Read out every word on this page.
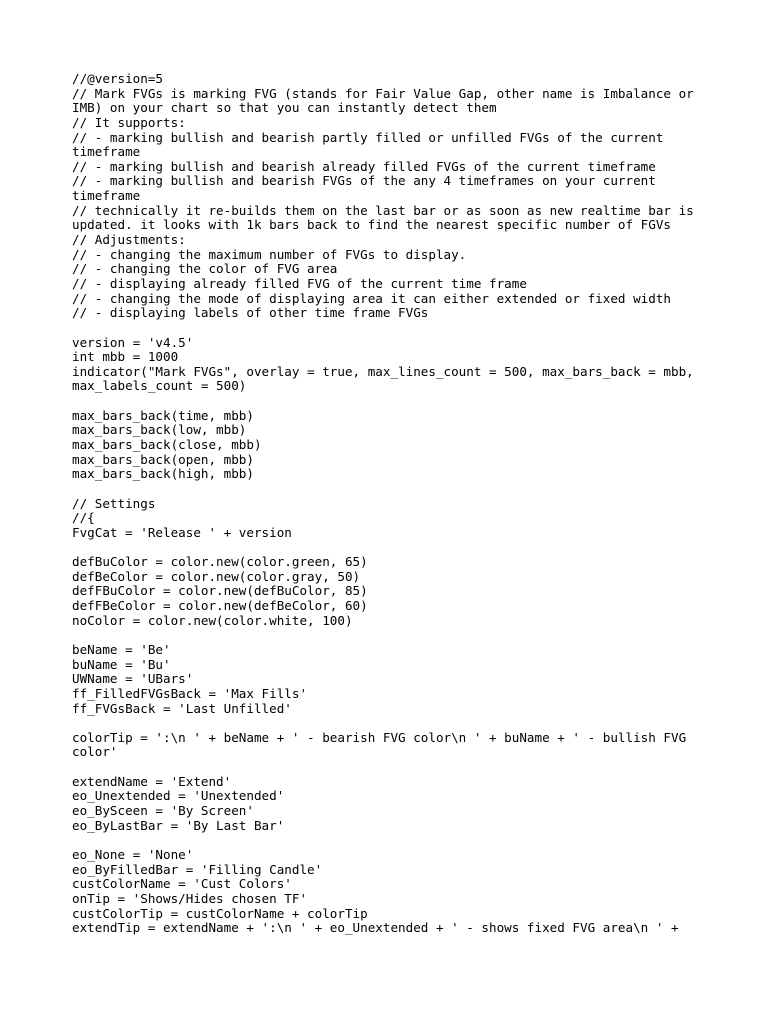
//@version=5
// Mark FVGs is marking FVG (stands for Fair Value Gap, other name is Imbalance or
IMB) on your chart so that you can instantly detect them
// It supports:
// - marking bullish and bearish partly filled or unfilled FVGs of the current
timeframe
// - marking bullish and bearish already filled FVGs of the current timeframe
// - marking bullish and bearish FVGs of the any 4 timeframes on your current
timeframe
// technically it re-builds them on the last bar or as soon as new realtime bar is
updated. it looks with 1k bars back to find the nearest specific number of FGVs
// Adjustments:
// - changing the maximum number of FVGs to display.
// - changing the color of FVG area
// - displaying already filled FVG of the current time frame
// - changing the mode of displaying area it can either extended or fixed width
// - displaying labels of other time frame FVGs
version = 'v4.5'
int mbb = 1000
indicator("Mark FVGs", overlay = true, max_lines_count = 500, max_bars_back = mbb,
max_labels_count = 500)
max_bars_back(time, mbb)
max_bars_back(low, mbb)
max_bars_back(close, mbb)
max_bars_back(open, mbb)
max_bars_back(high, mbb)
// Settings
//{
FvgCat = 'Release ' + version
defBuColor = color.new(color.green, 65)
defBeColor = color.new(color.gray, 50)
defFBuColor = color.new(defBuColor, 85)
defFBeColor = color.new(defBeColor, 60)
noColor = color.new(color.white, 100)
beName = 'Be'
buName = 'Bu'
UWName = 'UBars'
ff_FilledFVGsBack = 'Max Fills'
ff_FVGsBack = 'Last Unfilled'
colorTip = ':\n ' + beName + ' - bearish FVG color\n ' + buName + ' - bullish FVG
color'
extendName = 'Extend'
eo_Unextended = 'Unextended'
eo_BySceen = 'By Screen'
eo_ByLastBar = 'By Last Bar'
eo_None = 'None'
eo_ByFilledBar = 'Filling Candle'
custColorName = 'Cust Colors'
onTip = 'Shows/Hides chosen TF'
custColorTip = custColorName + colorTip
extendTip = extendName + ':\n ' + eo_Unextended + ' - shows fixed FVG area\n ' +
